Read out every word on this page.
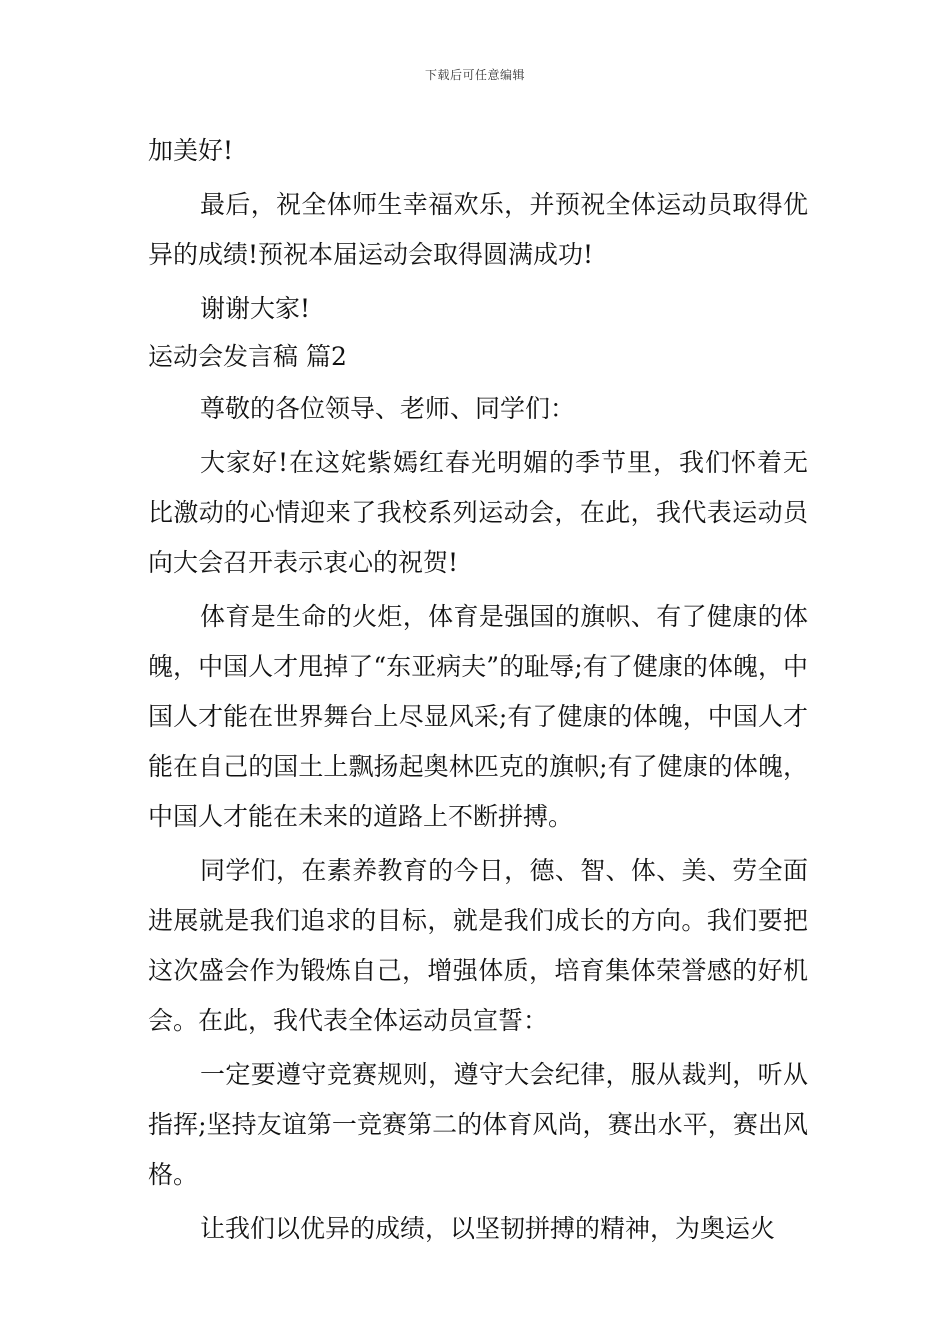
下载后可任意编辑

加美好!

最后，祝全体师生幸福欢乐，并预祝全体运动员取得优异的成绩!预祝本届运动会取得圆满成功!

谢谢大家!

运动会发言稿 篇2

尊敬的各位领导、老师、同学们：

大家好!在这姹紫嫣红春光明媚的季节里，我们怀着无比激动的心情迎来了我校系列运动会，在此，我代表运动员向大会召开表示衷心的祝贺!

体育是生命的火炬，体育是强国的旗帜、有了健康的体魄，中国人才甩掉了“东亚病夫”的耻辱;有了健康的体魄，中国人才能在世界舞台上尽显风采;有了健康的体魄，中国人才能在自己的国土上飘扬起奥林匹克的旗帜;有了健康的体魄，中国人才能在未来的道路上不断拼搏。

同学们，在素养教育的今日，德、智、体、美、劳全面进展就是我们追求的目标，就是我们成长的方向。我们要把这次盛会作为锻炼自己，增强体质，培育集体荣誉感的好机会。在此，我代表全体运动员宣誓：

一定要遵守竞赛规则，遵守大会纪律，服从裁判，听从指挥;坚持友谊第一竞赛第二的体育风尚，赛出水平，赛出风格。

让我们以优异的成绩，以坚韧拼搏的精神，为奥运火
